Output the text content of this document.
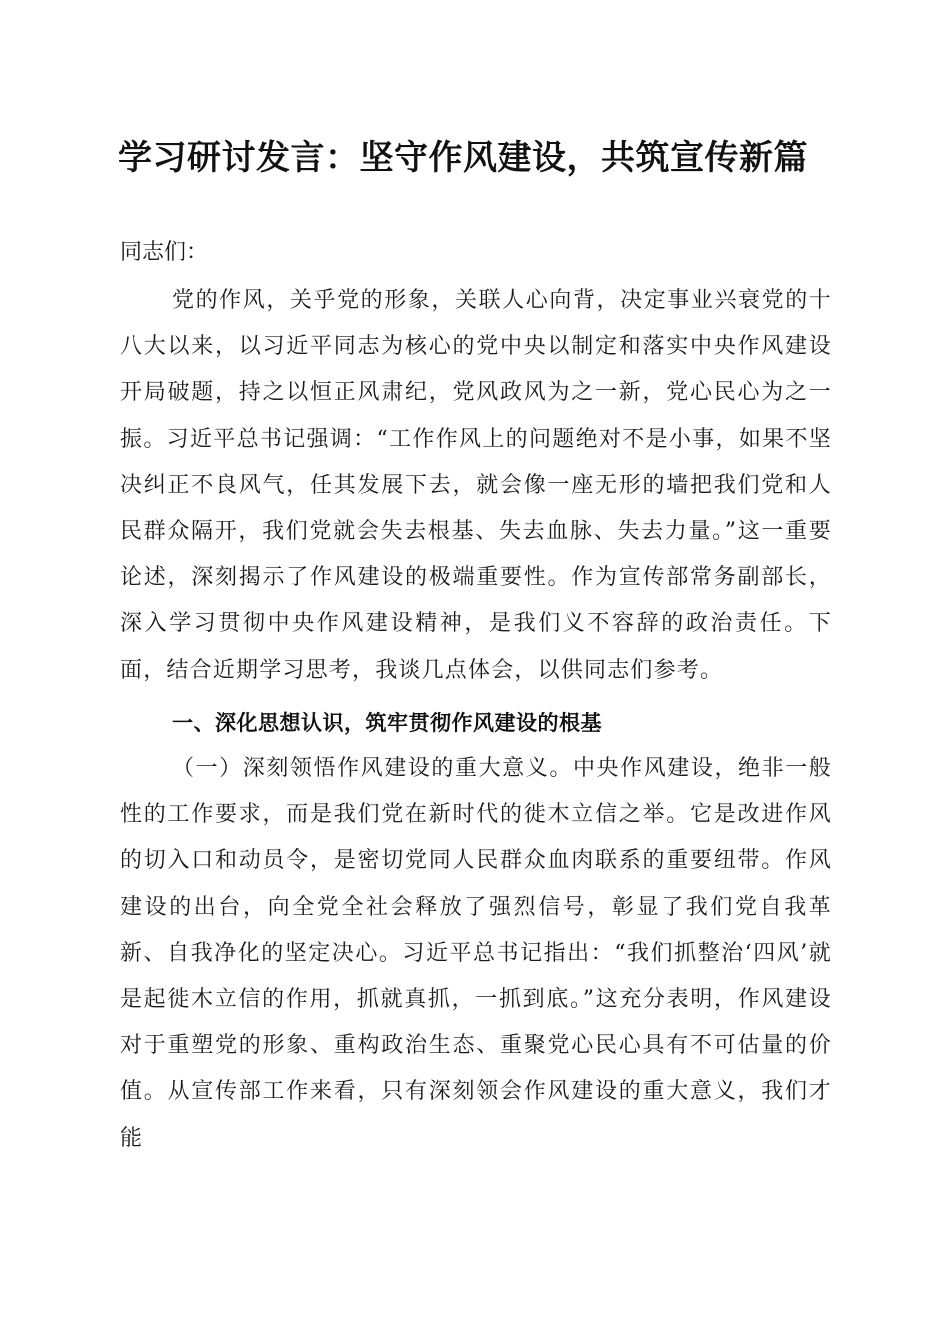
学习研讨发言：坚守作风建设，共筑宣传新篇
同志们：
党的作风，关乎党的形象，关联人心向背，决定事业兴衰党的十八大以来，以习近平同志为核心的党中央以制定和落实中央作风建设开局破题，持之以恒正风肃纪，党风政风为之一新，党心民心为之一振。习近平总书记强调：“工作作风上的问题绝对不是小事，如果不坚决纠正不良风气，任其发展下去，就会像一座无形的墙把我们党和人民群众隔开，我们党就会失去根基、失去血脉、失去力量。”这一重要论述，深刻揭示了作风建设的极端重要性。作为宣传部常务副部长，深入学习贯彻中央作风建设精神，是我们义不容辞的政治责任。下面，结合近期学习思考，我谈几点体会，以供同志们参考。
一、深化思想认识，筑牢贯彻作风建设的根基
（一）深刻领悟作风建设的重大意义。中央作风建设，绝非一般性的工作要求，而是我们党在新时代的徙木立信之举。它是改进作风的切入口和动员令，是密切党同人民群众血肉联系的重要纽带。作风建设的出台，向全党全社会释放了强烈信号，彰显了我们党自我革新、自我净化的坚定决心。习近平总书记指出：“我们抓整治‘四风’就是起徙木立信的作用，抓就真抓，一抓到底。”这充分表明，作风建设对于重塑党的形象、重构政治生态、重聚党心民心具有不可估量的价值。从宣传部工作来看，只有深刻领会作风建设的重大意义，我们才能
